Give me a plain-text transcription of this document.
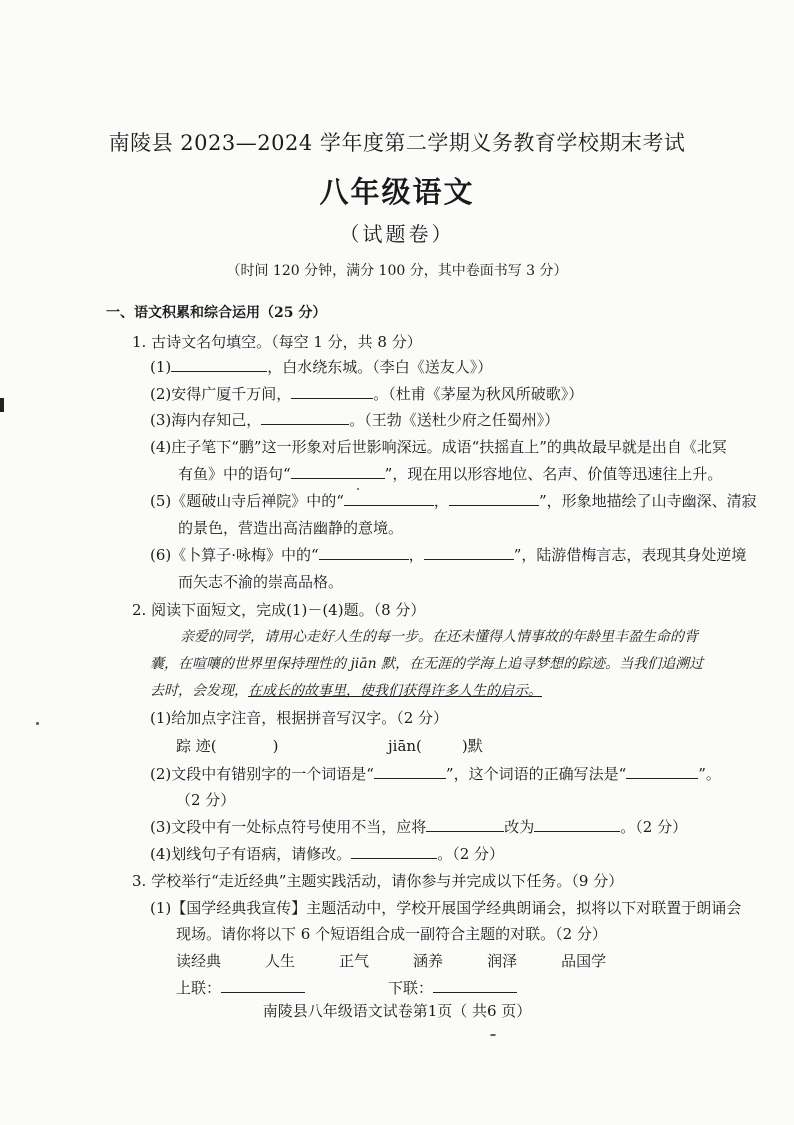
南陵县 2023—2024 学年度第二学期义务教育学校期末考试
八年级语文
（试题卷）
（时间 120 分钟，满分 100 分，其中卷面书写 3 分）
一、语文积累和综合运用（25 分）
1. 古诗文名句填空。（每空 1 分，共 8 分）
(1)	，白水绕东城。（李白《送友人》）
(2)安得广厦千万间，	。（杜甫《茅屋为秋风所破歌》）
(3)海内存知己，	。（王勃《送杜少府之任蜀州》）
(4)庄子笔下“鹏”这一形象对后世影响深远。成语“扶摇直上”的典故最早就是出自《北冥
有鱼》中的语句“	”，现在用以形容地位、名声、价值等迅速往上升。
(5)《题破山寺后禅院》中的“	，	”，形象地描绘了山寺幽深、清寂
的景色，营造出高洁幽静的意境。
(6)《卜算子·咏梅》中的“	，	”，陆游借梅言志，表现其身处逆境
而矢志不渝的崇高品格。
2. 阅读下面短文，完成(1)－(4)题。（8 分）
亲爱的同学，请用心走好人生的每一步。在还未懂得人情事故的年龄里丰盈生命的背
囊，在喧嚷的世界里保持理性的 jiān 默，在无涯的学海上追寻梦想的踪迹。当我们追溯过
去时，会发现，在成长的故事里，使我们获得许多人生的启示。
(1)给加点字注音，根据拼音写汉字。（2 分）
踪 迹(	)	jiān(	)默
(2)文段中有错别字的一个词语是“	”，这个词语的正确写法是“	”。
（2 分）
(3)文段中有一处标点符号使用不当，应将	改为	。（2 分）
(4)划线句子有语病，请修改。	。（2 分）
3. 学校举行“走近经典”主题实践活动，请你参与并完成以下任务。（9 分）
(1)【国学经典我宣传】主题活动中，学校开展国学经典朗诵会，拟将以下对联置于朗诵会
现场。请你将以下 6 个短语组合成一副符合主题的对联。（2 分）
读经典	人生	正气	涵养	润泽	品国学
上联：	下联：
南陵县八年级语文试卷第1页（ 共6 页）
